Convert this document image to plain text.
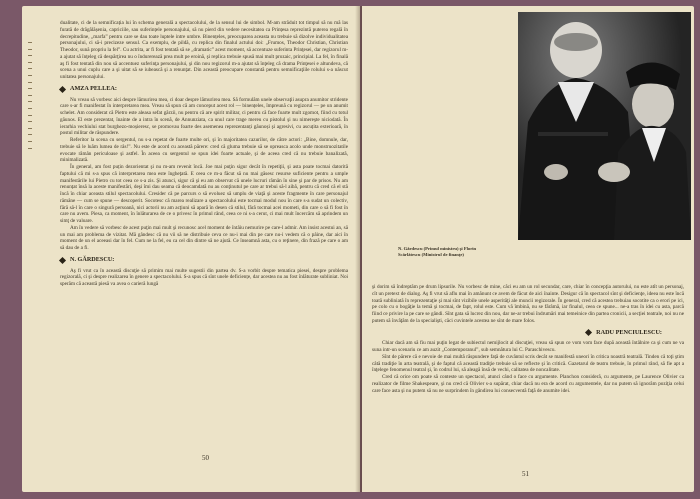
dualitate, ci de la semnificația lui în schema generală a spectacolului, de la sensul lui de simbol. M-am străduit tot timpul să nu mă las furată de drăgălășenia, capriciile, sau suferințele personajului, să nu pierd din vedere necesitatea ca Prințesa reprezintă puterea regală în decrepitudine, „marfa” pentru care se dau toate luptele intre umbre. Binențeles, preocuparea aceasta nu trebuie să dizolve individualitatea personajului, ci să-i precizeze sensul. Ca exemplu, de pildă, cu replica din finalul actului doi: „Frumos, Theodor Christian, Christian Theodor, sună propriu la fel”. Cu actrita, ar fi fost tentată să se „dramatic” acest moment, să accentuze suferinta Prinţesei, dar regizorul m-a ajutat să înţeleg că despărţirea nu o îndurerează prea mult pe eroină, şi replica trebuie spusă mai mult prozaic, principial. La fel, în finală aş fi fost tentată din nou să accentuez suferinţa personajului, şi din nou regizorul m-a ajutat să înţeleg că drama Prinţesei e altundeva, că scena a unui cuplu care a şi uitat să se iubească şi a renunţat. Din această preocupare constantă pentru semnificaţiile rolului s-a născut unitatea personajului.

AMZA PELLEA:

Nu vreau să vorbesc aici despre lămurirea mea, ci doar despre lămurirea mea. Să formulăm unele observaţii asupra anumitor stridente care s-ar fi manifestat în interpretarea mea. Vreau să spun că am conceput acest rol — binențeles, împreună cu regizorul — pe un anumit schelet. Am considerat că Pietro este aleasa sefat gărzii, nu pentru că are spirit militar, ci pentru că face foarte mult zgomot, fiind cu totul găunos. El este prezentat, înainte de a intra în scenă, de Annunziata, ca unul care trage mereu cu pistolul şi nu nimereşte niciodată. În ierarhia vechiului stat burghezo-moșieresc, se promovau foarte des asemenea reprezentanți găunoși şi agresivi, cu ascuțita exterioară, în postul militar de răspundere.

Referitor la scena cu sergentul, nu s-a repetat de foarte multe ori, şi în majoritatea cazurilor, de către actori: „Bine, domnule, dar, trebuie să le luăm lumea de râs!”. Nu este de acord cu această părere: cred că gluma trebuie să se opreasca acolo unde monstruozitatile evocate rămân periculoase şi astfel. În aceea cu sergentul se spun idei foarte actuale, şi de aceea cred că nu trebuie banalizată, minimalizată.

În general, am fost puțin dezorientat şi nu m-am revenit încă. Joe mai puţin sigur decât în repetiţii, şi asta poate tocmai datorită faptului că mi s-a spus că interpretarea mea este îngheţată. E ceea ce m-a făcut să nu mai găsesc resurse suficiente pentru a umple manifestările lui Pietro cu tot ceea ce s-a zis. Şi atunci, sigur că şi eu am observat că unele lucruri rămân în sine şi par de prisos. Nu am renunțat însă la aceste manifestări, deşi îmi dau seama că deocamdată nu au conţinutul pe care ar trebui să-l aibă, pentru că cred că el stă încă în chiar aceasta stilul spectacolului. Cresider că pe parcurs o să evoluez să umplu de viaţă şi aceste fragmente în care personajul rămâne — cum se spune — descoperit. Socotesc că marea realizare a spectacolului este tocmai modul nou în care s-a sudat un colectiv, fără să-l în care o singură persoană, nici actorii nu am acţiuni să apară în desen că stilul, fără tocmai acei mometi, din care o să fi fost în care nu avem. Piesa, ca moment, în înlăturarea de ce o privesc în primul rând, ceea ce ni s-a cerut, ci mai mult încercăm să aprindem un simţ de valoare.

Am în vedere să vorbesc de acest puţin mai mult şi recunosc acel moment de întâiu nemurire pe care-l admir. Am insist acestui an, să un mai am problema de vizitat. Mă gândesc că nu vii să ne distribuie ceva ce nu-i mai din pe care nu-i vedem că o pâine, dar aici în moment de un el aceeasi dar în fel. Cum ne la fel, eu ca cel din dintre să ne ajută. Ce înseamnă asta, cu o reţinere, din frază pe care o am să dau de a fi.

N. GĂRDESCU:

Aş fi vrut ca în această discuţie să primim mai multe sugestii din partea dv. S-a vorbit despre tematica piesei, despre problema regizorală, ci şi despre realizarea în genere a spectacolului. S-a spus că sînt unele deficiențe, dar acestea nu au fost înlăturate subliniat. Noi sperăm că această piesă va avea o carieră lungă

50
N. Gârdescu (Primul ministru) şi Florin Scărlătescu (Ministrul de finanţe)

şi dorim să îndreptăm pe drum lipsurile. Nu vorbesc de mine, căci eu am un rol secundar, care, chiar în concepţia autorului, nu este atît un personaj, cît un pretext de dialog. Aş fi vrut să aflu mai în amănunt ce avem de făcut de aici înainte. Desigur că în spectacol sînt şi deficienţe, ideea nu este încă toată subliniată în reprezentaţie şi mai sînt vizibile unele asperităţi ale muncii regizorale. În general, cred că acestea trebuiau socotite ca o erori pe ici, pe colo cu o bogăţie la temă şi tocmai, de fapt, rolul este. Cum vă îmbină, nu se fărâmă, iar finalul, ceea ce spune... ne-a tras în idei cu asta, parcă fiind ce privire la pe care se gândi. Sînt gata să lucrez din nou, dar ne-ar trebui îndrumări mai temeinice din partea cronicii, a secţiei teatrale, noi nu ne putem să învăţăm de la specialişti, căci cuvintele acestea ne sînt de mare folos.

RADU PENCIULESCU:

Chiar dacă am să fiu mai puţin legat de subiectul nemijlocit al discuţiei, vreau să spun ce vom vom face după această întâlnire ca şi cum ne va suna intr-un scenariu ce am auzit „Contemporanul”, sub semnătura lui C. Paraschivescu.

Sînt de părere că e nevoie de mai multă răspundere față de cuvântul scris decât se manifestă uneori în critica noastră teatrală. Tinden că toţi ştim câtă tradiţie în arta teatrală, şi de faptul că această tradiţie trebuie să se reflecte şi în critică. Gazetarul de teatru trebuie, în primul rând, să fie apt a înţelege fenomenul teatral şi, în codrul lui, să aleagă însă de vechi, calitatea de noncalitate.

Cred că orice om poate să conteste un spectacol, atunci când o face cu argumente. Planchon consideră, cu argumente, pe Laurence Olivier ca realizator de filme Shakespeare, şi nu cred că Olivier s-a supărat, chiar dacă nu era de acord cu argumentele, dar nu putem să ignorăm poziţia celui care face asta şi nu putem să nu ne surprindem în gândirea lui consecventă faţă de anumite idei.

51
